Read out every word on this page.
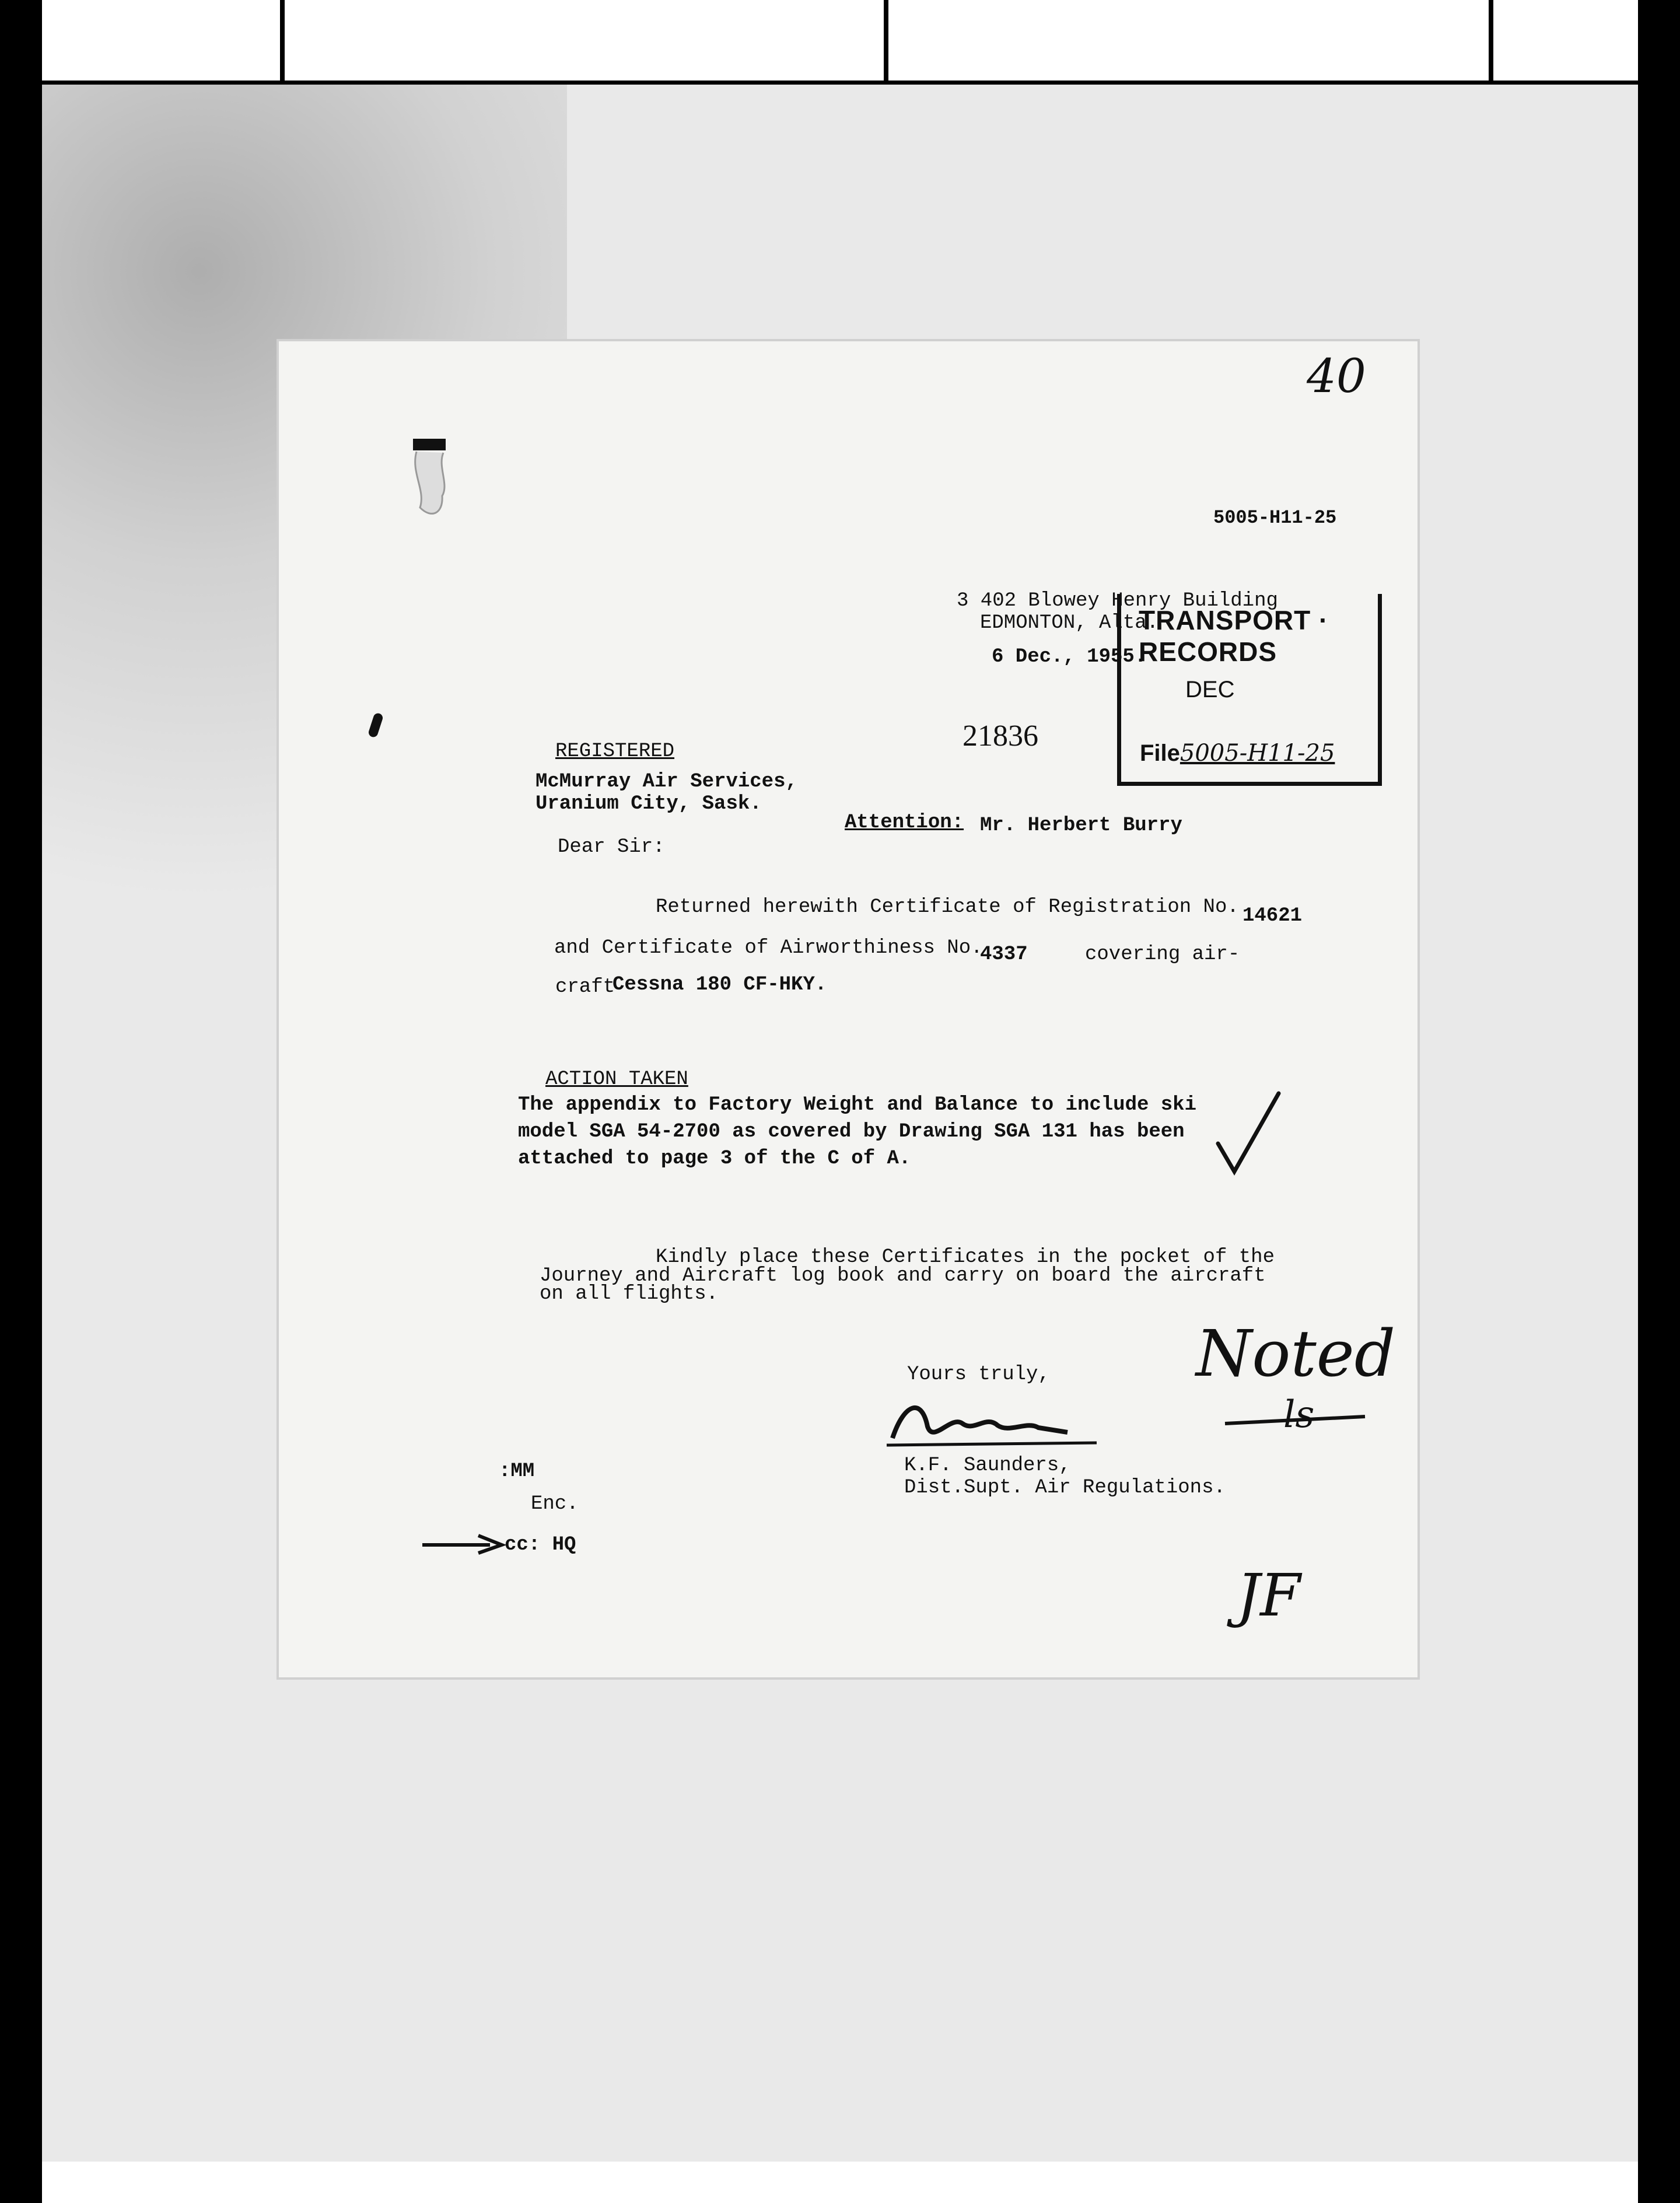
40
5005-H11-25
3 402 Blowey Henry Building
EDMONTON, Alta.
6 Dec., 1955.
TRANSPORT · RECORDS
DEC
File5005-H11-25
21836
REGISTERED
McMurray Air Services,
Uranium City, Sask.
Attention: Mr. Herbert Burry
Dear Sir:
Returned herewith Certificate of Registration No. 14621
and Certificate of Airworthiness No.
4337	covering air-
craft
Cessna 180 CF-HKY.
ACTION TAKEN
The appendix to Factory Weight and Balance to include ski
model SGA 54-2700 as covered by Drawing SGA 131 has been
attached to page 3 of the C of A.
Kindly place these Certificates in the pocket of the
Journey and Aircraft log book and carry on board the aircraft
on all flights.
Yours truly,
K.F. Saunders,
Dist.Supt. Air Regulations.
Noted
ls
JF
:MM
Enc.
cc: HQ
